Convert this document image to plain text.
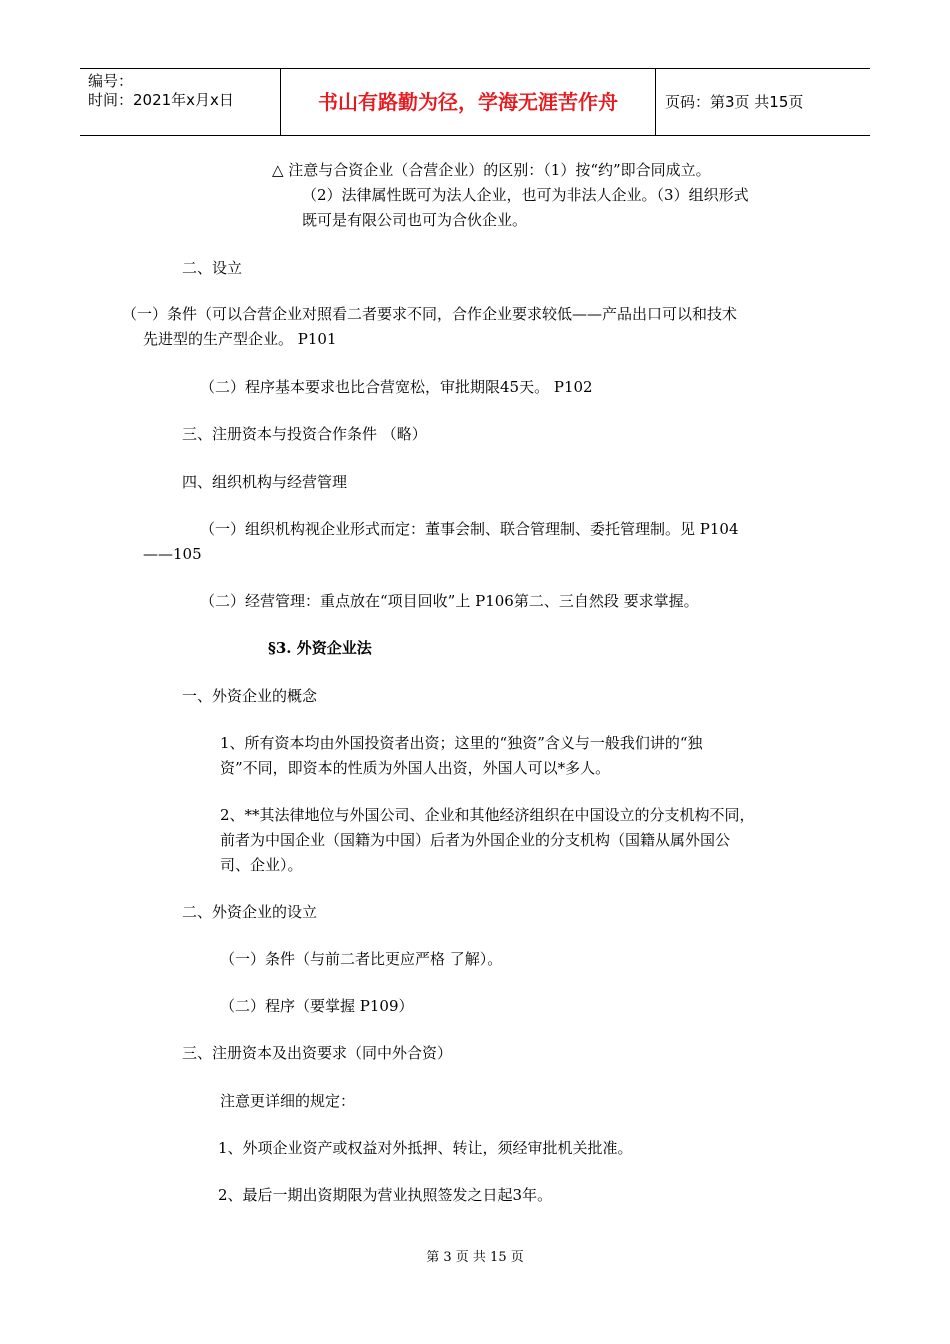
编号：
时间：2021年x月x日	书山有路勤为径，学海无涯苦作舟	页码：第3页 共15页
△ 注意与合资企业（合营企业）的区别：（1）按“约”即合同成立。
（2）法律属性既可为法人企业，也可为非法人企业。（3）组织形式
既可是有限公司也可为合伙企业。
二、设立
（一）条件（可以合营企业对照看二者要求不同，合作企业要求较低——产品出口可以和技术
先进型的生产型企业。 P101
（二）程序基本要求也比合营宽松，审批期限45天。 P102
三、注册资本与投资合作条件 （略）
四、组织机构与经营管理
（一）组织机构视企业形式而定：董事会制、联合管理制、委托管理制。见 P104
——105
（二）经营管理：重点放在“项目回收”上 P106第二、三自然段 要求掌握。
§3. 外资企业法
一、外资企业的概念
1、所有资本均由外国投资者出资；这里的“独资”含义与一般我们讲的“独
资”不同，即资本的性质为外国人出资，外国人可以*多人。
2、**其法律地位与外国公司、企业和其他经济组织在中国设立的分支机构不同，
前者为中国企业（国籍为中国）后者为外国企业的分支机构（国籍从属外国公
司、企业）。
二、外资企业的设立
（一）条件（与前二者比更应严格 了解）。
（二）程序（要掌握 P109）
三、注册资本及出资要求（同中外合资）
注意更详细的规定：
1、外项企业资产或权益对外抵押、转让，须经审批机关批准。
2、最后一期出资期限为营业执照签发之日起3年。
第 3 页 共 15 页
